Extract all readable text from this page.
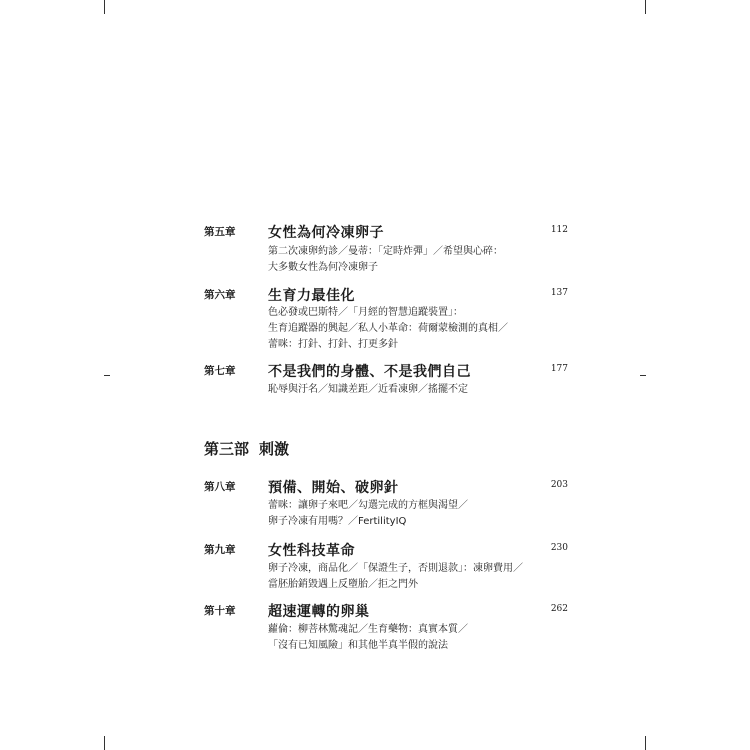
第五章 女性為何冷凍卵子	112
第二次凍卵約診／曼蒂：「定時炸彈」／希望與心碎：
大多數女性為何冷凍卵子
第六章 生育力最佳化	137
色必發或巴斯特／「月經的智慧追蹤裝置」：
生育追蹤器的興起／私人小革命：荷爾蒙檢測的真相／
蕾咪：打針、打針、打更多針
第七章 不是我們的身體、不是我們自己	177
恥辱與汙名／知識差距／近看凍卵／搖擺不定
第三部 刺激
第八章 預備、開始、破卵針	203
蕾咪：讓卵子來吧／勾選完成的方框與渴望／
卵子冷凍有用嗎？／FertilityIQ
第九章 女性科技革命	230
卵子冷凍，商品化／「保證生子，否則退款」：凍卵費用／
當胚胎銷毀遇上反墮胎／拒之門外
第十章 超速運轉的卵巢	262
蘿倫：柳菩林驚魂記／生育藥物：真實本質／
「沒有已知風險」和其他半真半假的說法
